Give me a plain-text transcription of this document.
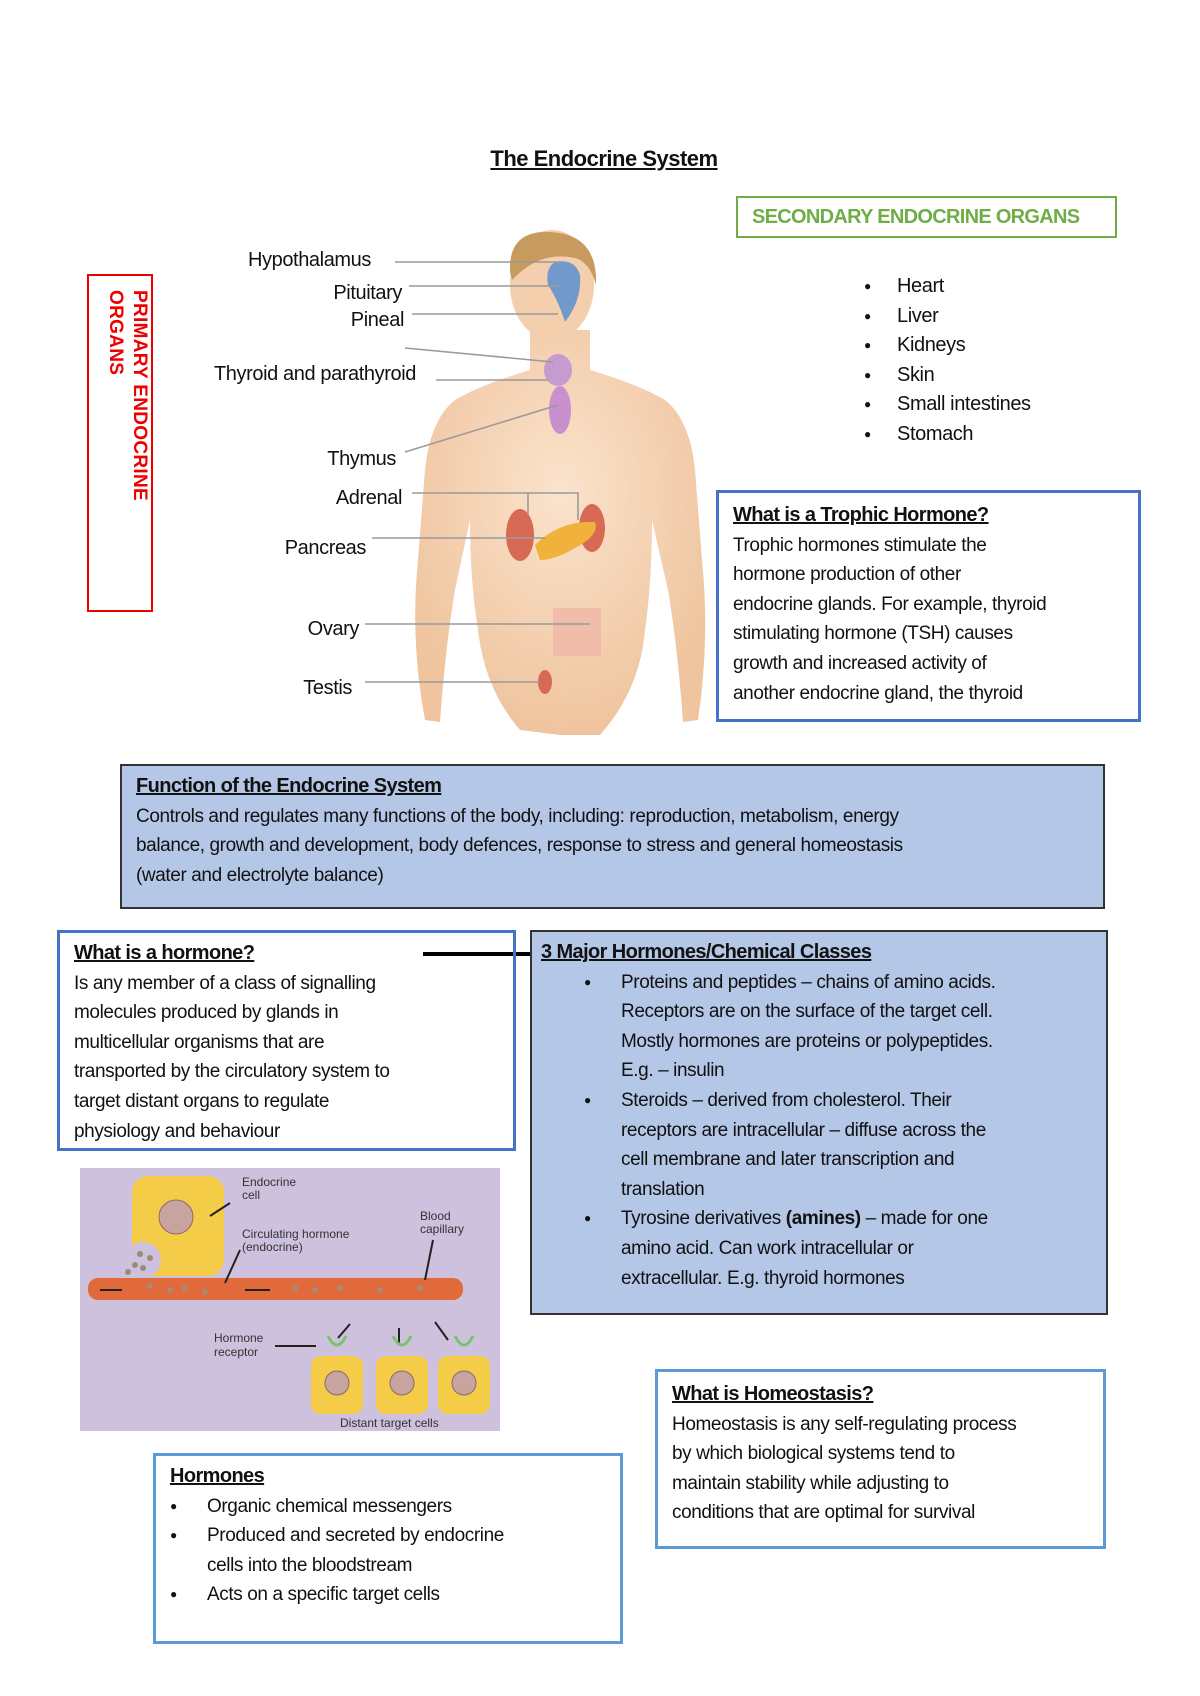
The Endocrine System
PRIMARY ENDOCRINE
ORGANS
SECONDARY ENDOCRINE ORGANS
Hypothalamus
Pituitary
Pineal
Thyroid and parathyroid
Thymus
Adrenal
Pancreas
Ovary
Testis
● Heart
● Liver
● Kidneys
● Skin
● Small intestines
● Stomach
What is a Trophic Hormone?
Trophic hormones stimulate the
hormone production of other
endocrine glands. For example, thyroid
stimulating hormone (TSH) causes
growth and increased activity of
another endocrine gland, the thyroid
Function of the Endocrine System
Controls and regulates many functions of the body, including: reproduction, metabolism, energy
balance, growth and development, body defences, response to stress and general homeostasis
(water and electrolyte balance)
What is a hormone?
Is any member of a class of signalling
molecules produced by glands in
multicellular organisms that are
transported by the circulatory system to
target distant organs to regulate
physiology and behaviour
3 Major Hormones/Chemical Classes
● Proteins and peptides – chains of amino acids.
Receptors are on the surface of the target cell.
Mostly hormones are proteins or polypeptides.
E.g. – insulin
● Steroids – derived from cholesterol. Their
receptors are intracellular – diffuse across the
cell membrane and later transcription and
translation
● Tyrosine derivatives (amines) – made for one
amino acid. Can work intracellular or
extracellular. E.g. thyroid hormones
Endocrine
cell
Circulating hormone
(endocrine)
Blood
capillary
Hormone
receptor
Distant target cells
Hormones
● Organic chemical messengers
● Produced and secreted by endocrine
cells into the bloodstream
● Acts on a specific target cells
What is Homeostasis?
Homeostasis is any self-regulating process
by which biological systems tend to
maintain stability while adjusting to
conditions that are optimal for survival
